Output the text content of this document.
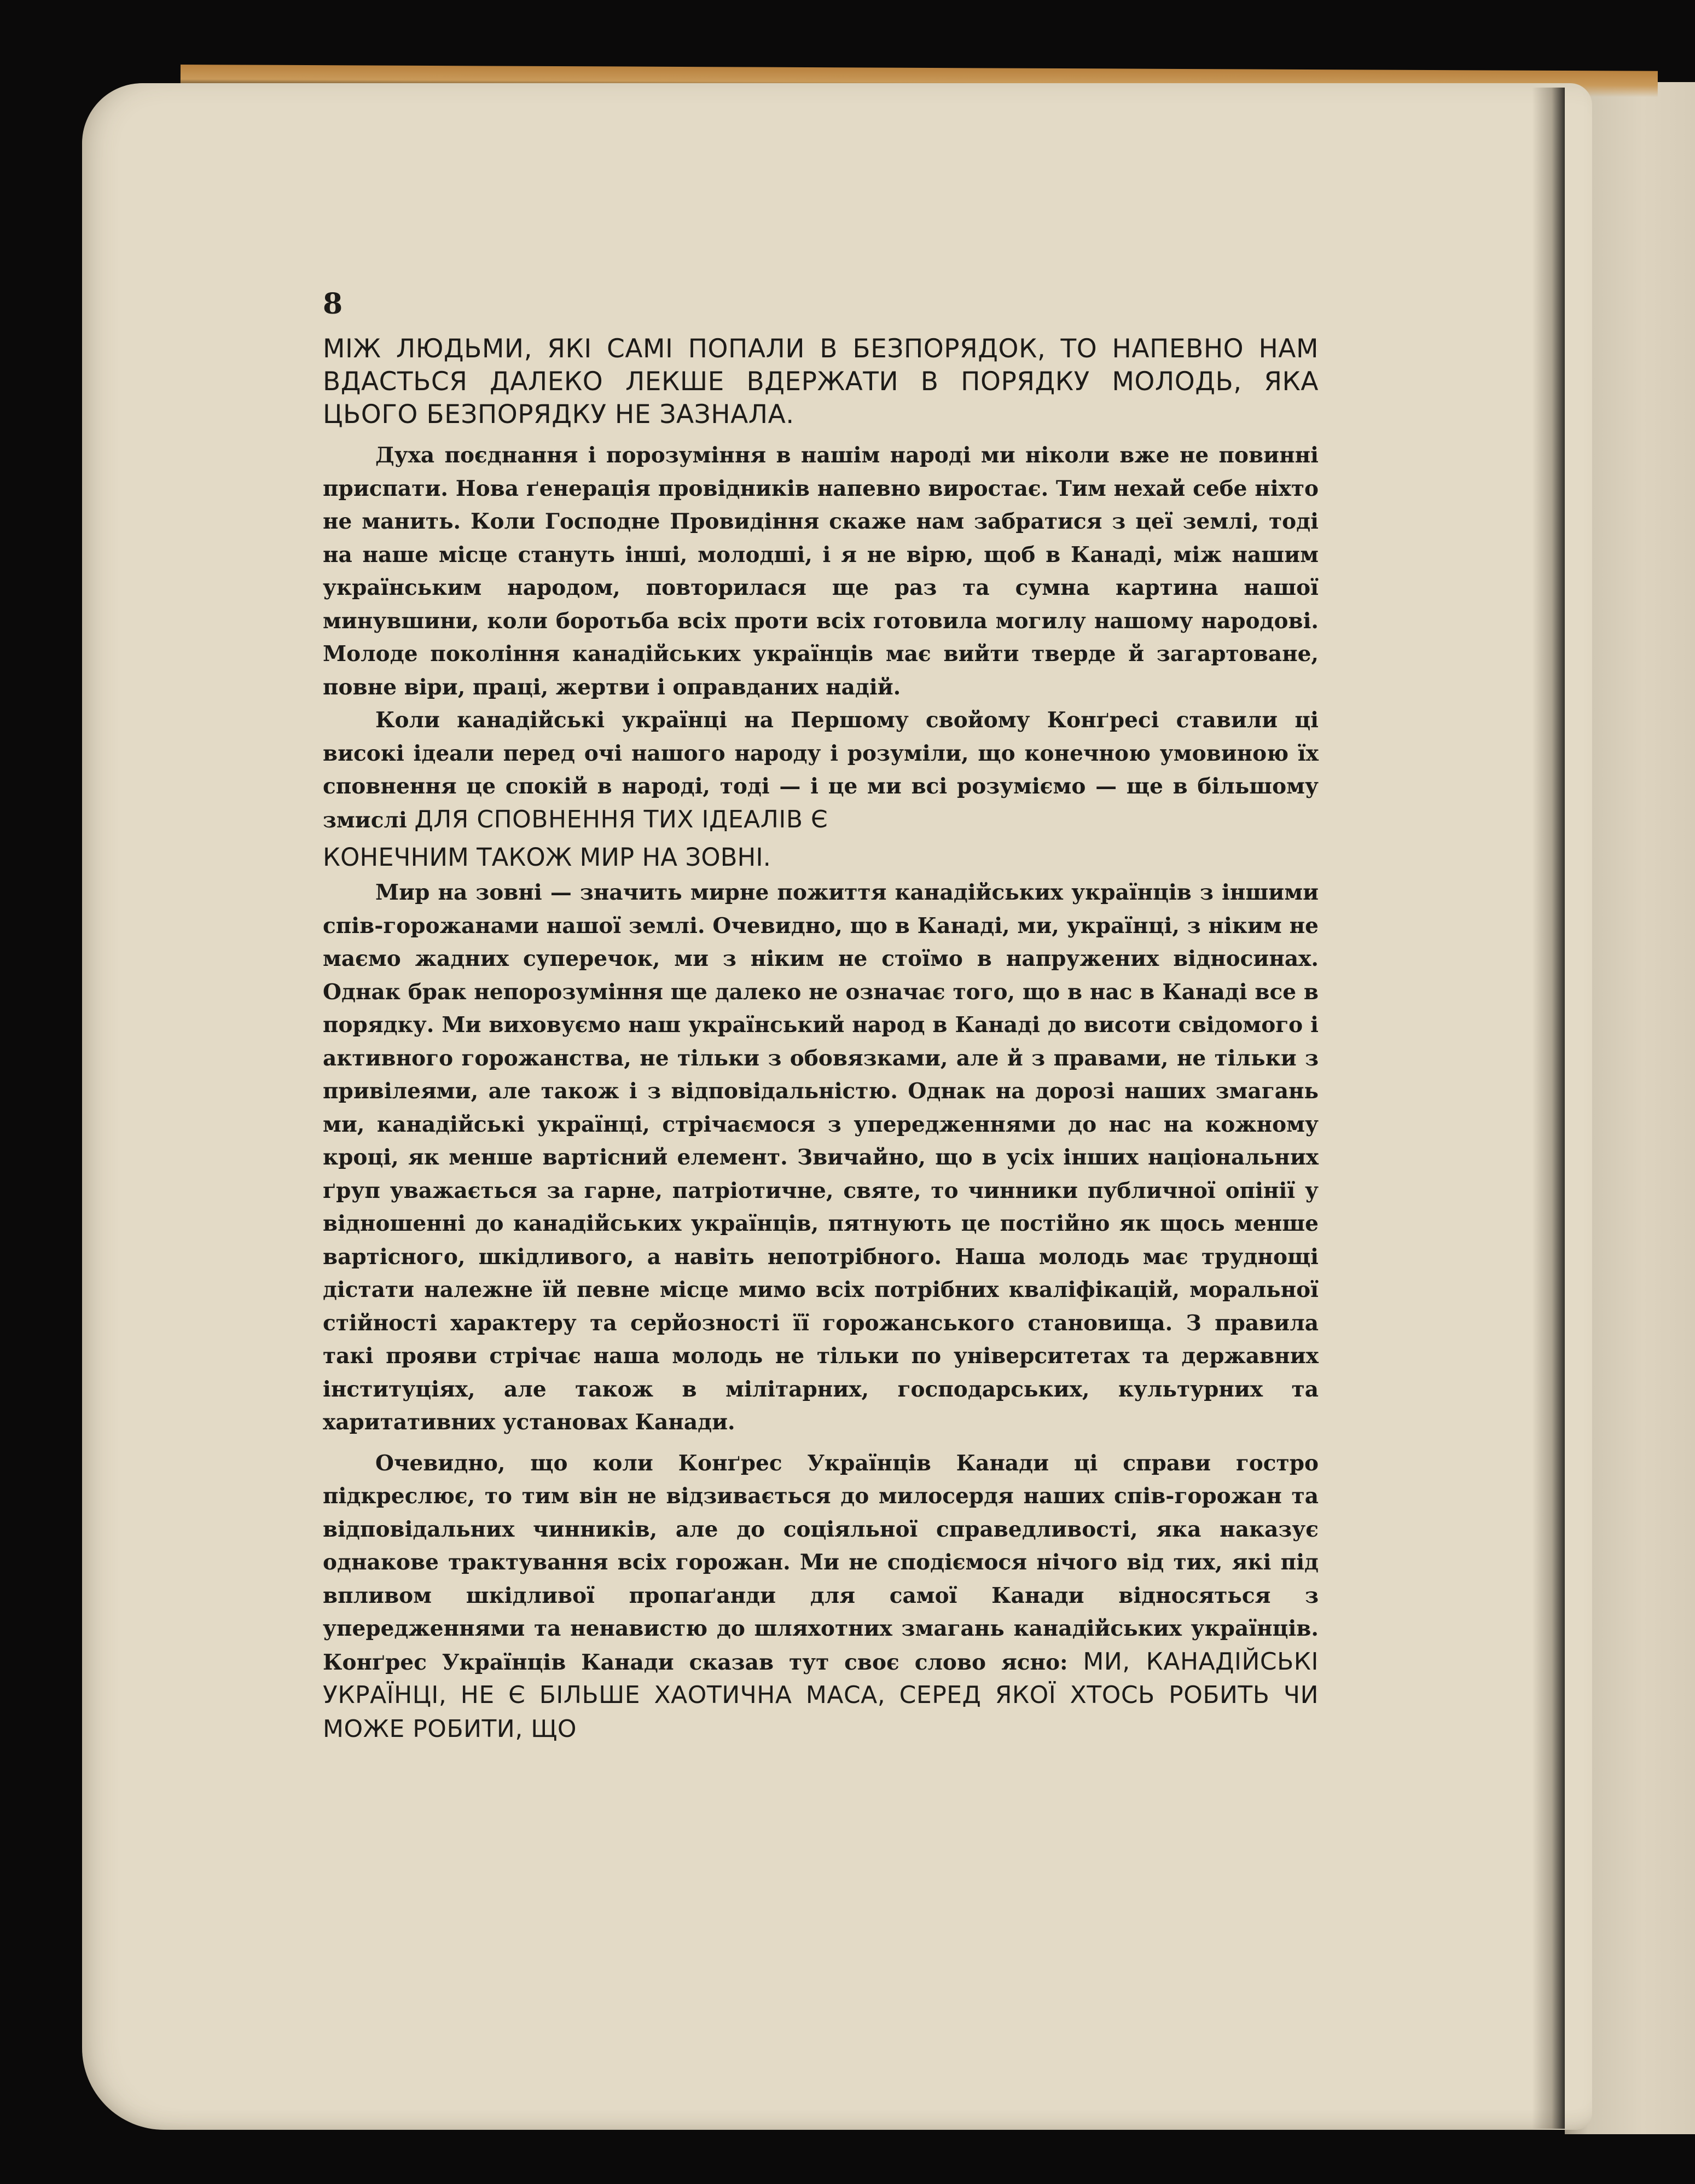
8

МІЖ ЛЮДЬМИ, ЯКІ САМІ ПОПАЛИ В БЕЗПОРЯДОК, ТО НАПЕВНО НАМ ВДАСТЬСЯ ДАЛЕКО ЛЕКШЕ ВДЕРЖАТИ В ПОРЯДКУ МОЛОДЬ, ЯКА ЦЬОГО БЕЗПОРЯДКУ НЕ ЗАЗНАЛА.

Духа поєднання і порозуміння в нашім народі ми ніколи вже не повинні приспати. Нова ґенерація провідників напевно виростає. Тим нехай себе ніхто не манить. Коли Господне Провидіння скаже нам забратися з цеї землі, тоді на наше місце стануть інші, молодші, і я не вірю, щоб в Канаді, між нашим українським народом, повторилася ще раз та сумна картина нашої минувшини, коли боротьба всіх проти всіх готовила могилу нашому народові. Молоде покоління канадійських українців має вийти тверде й загартоване, повне віри, праці, жертви і оправданих надій.

Коли канадійські українці на Першому свойому Конґресі ставили ці високі ідеали перед очі нашого народу і розуміли, що конечною умовиною їх сповнення це спокій в народі, тоді — і це ми всі розуміємо — ще в більшому змислі ДЛЯ СПОВНЕННЯ ТИХ ІДЕАЛІВ Є

КОНЕЧНИМ ТАКОЖ МИР НА ЗОВНІ.

Мир на зовні — значить мирне пожиття канадійських українців з іншими спів-горожанами нашої землі. Очевидно, що в Канаді, ми, українці, з ніким не маємо жадних суперечок, ми з ніким не стоїмо в напружених відносинах. Однак брак непорозуміння ще далеко не означає того, що в нас в Канаді все в порядку. Ми виховуємо наш український народ в Канаді до висоти свідомого і активного горожанства, не тільки з обовязками, але й з правами, не тільки з привілеями, але також і з відповідальністю. Однак на дорозі наших змагань ми, канадійські українці, стрічаємося з упередженнями до нас на кожному кроці, як менше вартісний елемент. Звичайно, що в усіх інших національних ґруп уважається за гарне, патріотичне, святе, то чинники публичної опінії у відношенні до канадійських українців, пятнують це постійно як щось менше вартісного, шкідливого, а навіть непотрібного. Наша молодь має труднощі дістати належне їй певне місце мимо всіх потрібних кваліфікацій, моральної стійності характеру та серйозності її горожанського становища. З правила такі прояви стрічає наша молодь не тільки по університетах та державних інституціях, але також в мілітарних, господарських, культурних та харитативних установах Канади.

Очевидно, що коли Конґрес Українців Канади ці справи гостро підкреслює, то тим він не відзивається до милосердя наших спів-горожан та відповідальних чинників, але до соціяльної справедливості, яка наказує однакове трактування всіх горожан. Ми не сподіємося нічого від тих, які під впливом шкідливої пропаґанди для самої Канади відносяться з упередженнями та ненавистю до шляхотних змагань канадійських українців. Конґрес Українців Канади сказав тут своє слово ясно: МИ, КАНАДІЙСЬКІ УКРАЇНЦІ, НЕ Є БІЛЬШЕ ХАОТИЧНА МАСА, СЕРЕД ЯКОЇ ХТОСЬ РОБИТЬ ЧИ МОЖЕ РОБИТИ, ЩО
